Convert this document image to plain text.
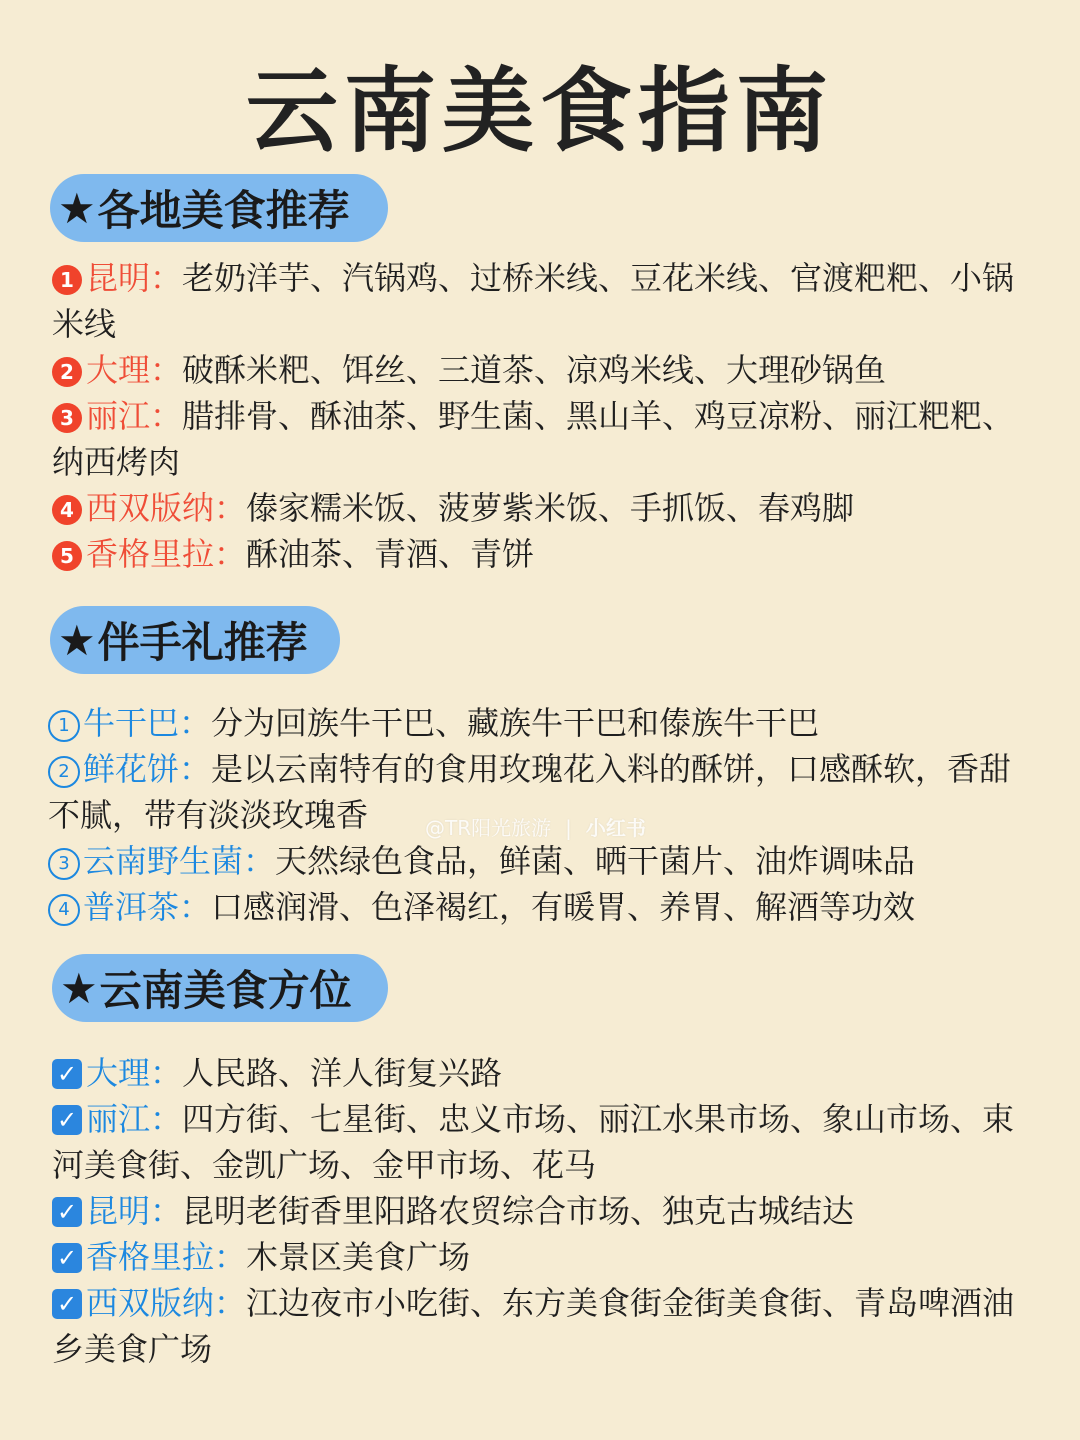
云南美食指南
★ 各地美食推荐

1 昆明：老奶洋芋、汽锅鸡、过桥米线、豆花米线、官渡粑粑、小锅米线

2 大理：破酥米粑、饵丝、三道茶、凉鸡米线、大理砂锅鱼

3 丽江：腊排骨、酥油茶、野生菌、黑山羊、鸡豆凉粉、丽江粑粑、纳西烤肉

4 西双版纳：傣家糯米饭、菠萝紫米饭、手抓饭、春鸡脚

5 香格里拉：酥油茶、青酒、青饼

★ 伴手礼推荐

1 牛干巴：分为回族牛干巴、藏族牛干巴和傣族牛干巴

2 鲜花饼：是以云南特有的食用玫瑰花入料的酥饼，口感酥软，香甜不腻，带有淡淡玫瑰香

3 云南野生菌：天然绿色食品，鲜菌、晒干菌片、油炸调味品

4 普洱茶：口感润滑、色泽褐红，有暖胃、养胃、解酒等功效

@TR阳光旅游 | 小红书
★ 云南美食方位

✓ 大理：人民路、洋人街复兴路

✓ 丽江：四方街、七星街、忠义市场、丽江水果市场、象山市场、束河美食街、金凯广场、金甲市场、花马

✓ 昆明：昆明老街香里阳路农贸综合市场、独克古城结达

✓ 香格里拉：木景区美食广场

✓ 西双版纳：江边夜市小吃街、东方美食街金街美食街、青岛啤酒油乡美食广场
